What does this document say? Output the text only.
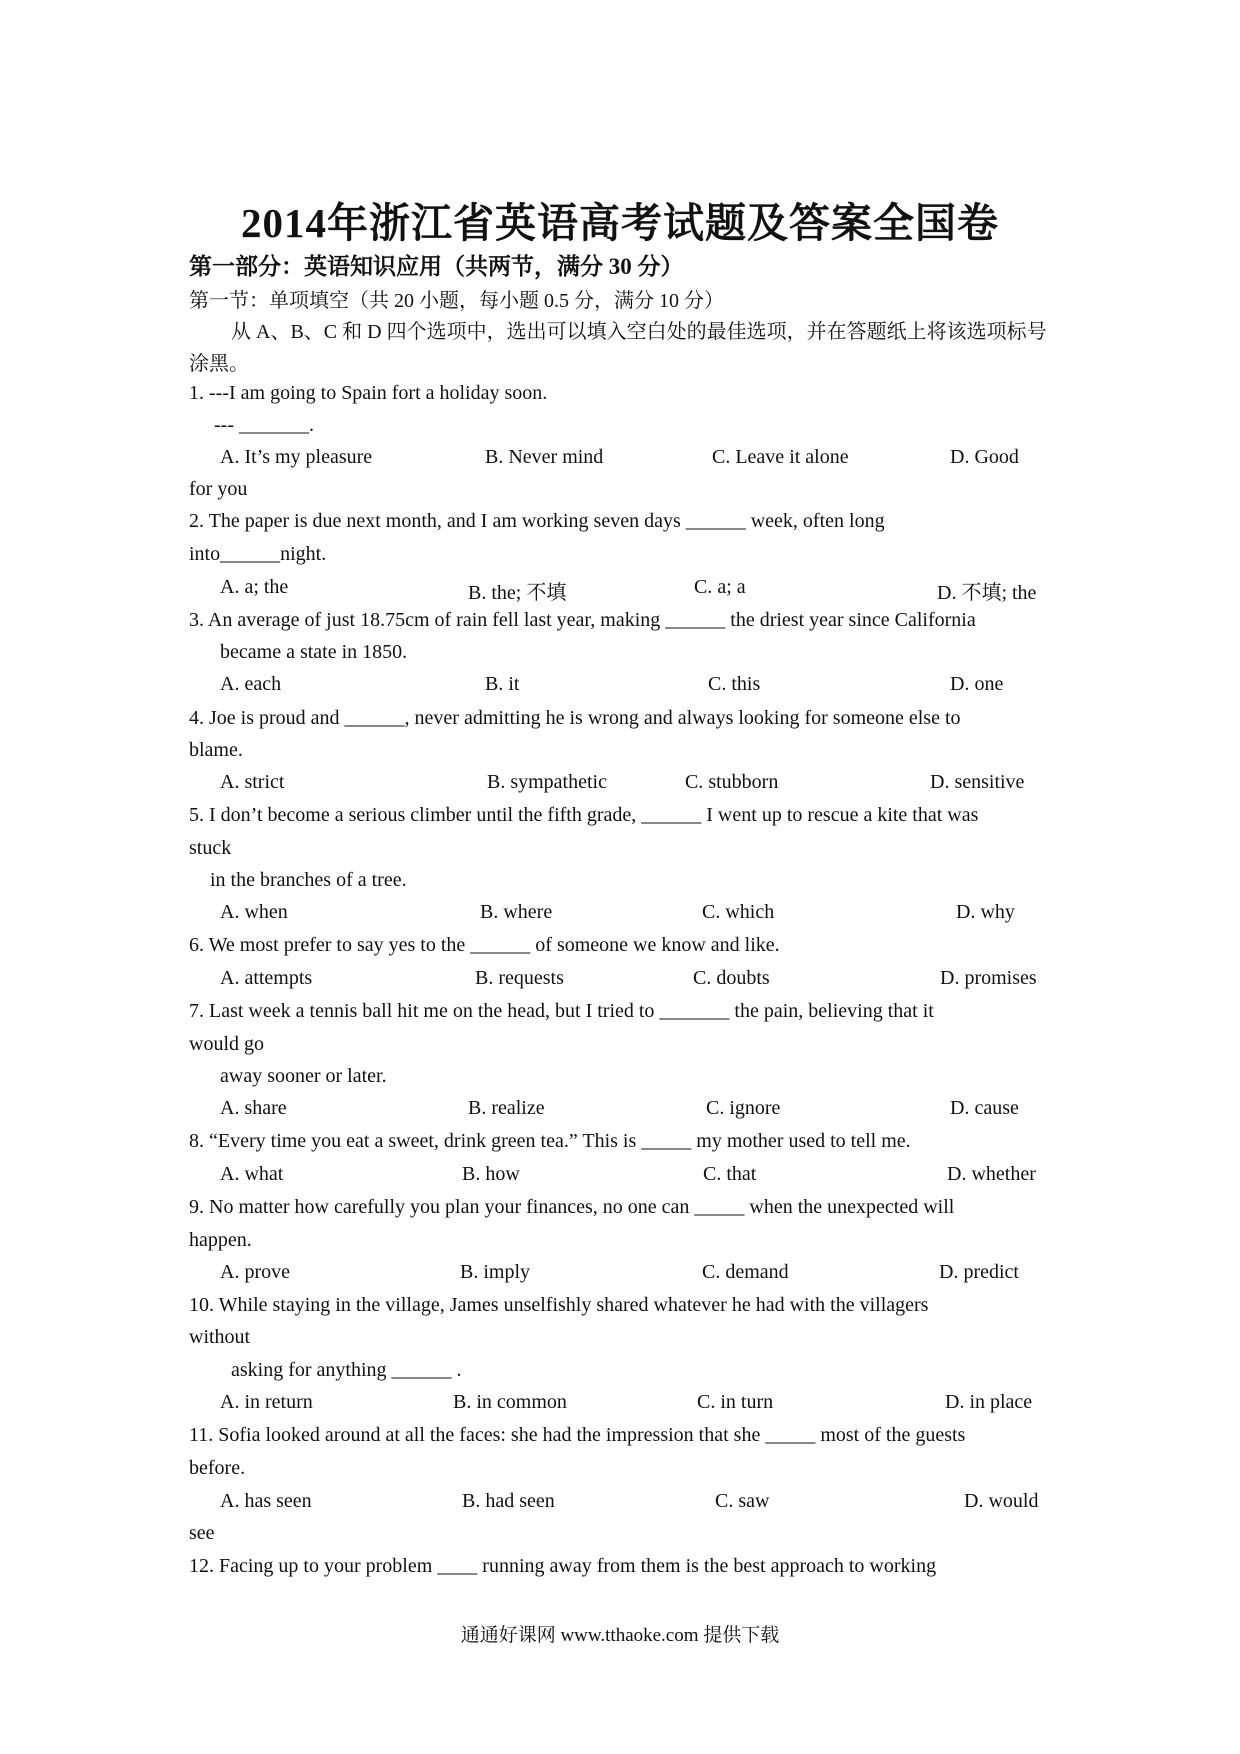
2014年浙江省英语高考试题及答案全国卷
第一部分：英语知识应用（共两节，满分 30 分）
第一节：单项填空（共 20 小题，每小题 0.5 分，满分 10 分）
从 A、B、C 和 D 四个选项中，选出可以填入空白处的最佳选项，并在答题纸上将该选项标号涂黑。
1. ---I am going to Spain fort a holiday soon.
--- _______.
A. It’s my pleasure	B. Never mind	C. Leave it alone	D. Good
for you
2. The paper is due next month, and I am working seven days ______ week, often long
into______night.
A. a; the	B. the; 不填	C. a; a	D. 不填; the
3. An average of just 18.75cm of rain fell last year, making ______ the driest year since California
became a state in 1850.
A. each	B. it	C. this	D. one
4. Joe is proud and ______, never admitting he is wrong and always looking for someone else to
blame.
A. strict	B. sympathetic	C. stubborn	D. sensitive
5. I don’t become a serious climber until the fifth grade, ______ I went up to rescue a kite that was
stuck
in the branches of a tree.
A. when	B. where	C. which	D. why
6. We most prefer to say yes to the ______ of someone we know and like.
A. attempts	B. requests	C. doubts	D. promises
7. Last week a tennis ball hit me on the head, but I tried to _______ the pain, believing that it
would go
away sooner or later.
A. share	B. realize	C. ignore	D. cause
8. “Every time you eat a sweet, drink green tea.” This is _____ my mother used to tell me.
A. what	B. how	C. that	D. whether
9. No matter how carefully you plan your finances, no one can _____ when the unexpected will
happen.
A. prove	B. imply	C. demand	D. predict
10. While staying in the village, James unselfishly shared whatever he had with the villagers
without
asking for anything ______ .
A. in return	B. in common	C. in turn	D. in place
11. Sofia looked around at all the faces: she had the impression that she _____ most of the guests
before.
A. has seen	B. had seen	C. saw	D. would
see
12. Facing up to your problem ____ running away from them is the best approach to working
通通好课网 www.tthaoke.com 提供下载
